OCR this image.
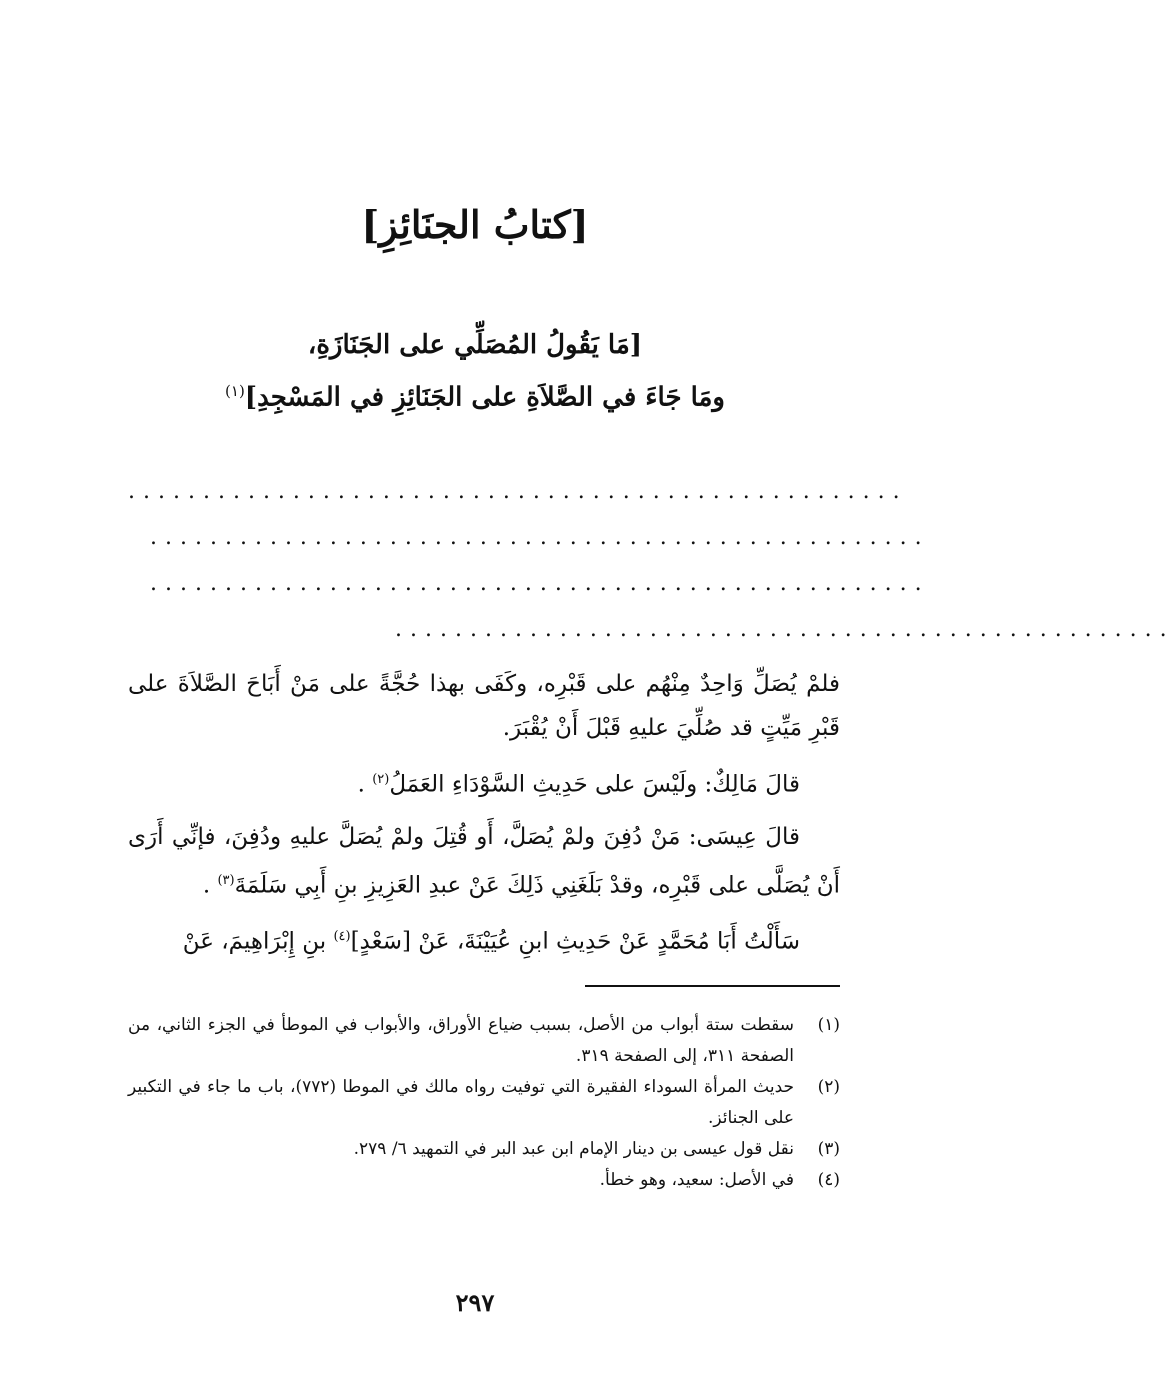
[كتابُ الجنَائِزِ]
[مَا يَقُولُ المُصَلِّي على الجَنَازَةِ،
ومَا جَاءَ في الصَّلاَةِ على الجَنَائِزِ في المَسْجِدِ]$^{(١)}$
....................................................
....................................................
....................................................
....................................................

فلمْ يُصَلِّ وَاحِدٌ مِنْهُم على قَبْرِه، وكَفَى بهذا حُجَّةً على مَنْ أَبَاحَ الصَّلاَةَ على قَبْرِ مَيِّتٍ قد صُلِّيَ عليهِ قَبْلَ أَنْ يُقْبَرَ.

قالَ مَالِكٌ: ولَيْسَ على حَدِيثِ السَّوْدَاءِ العَمَلُ$^{(٢)}$ .

قالَ عِيسَى: مَنْ دُفِنَ ولمْ يُصَلَّ، أَو قُتِلَ ولمْ يُصَلَّ عليهِ ودُفِنَ، فإنِّي أَرَى أَنْ يُصَلَّى على قَبْرِه، وقدْ بَلَغَنِي ذَلِكَ عَنْ عبدِ العَزِيزِ بنِ أَبِي سَلَمَةَ$^{(٣)}$ .

سَأَلْتُ أَبَا مُحَمَّدٍ عَنْ حَدِيثِ ابنِ عُيَيْنَةَ، عَنْ [سَعْدٍ]$^{(٤)}$ بنِ إِبْرَاهِيمَ، عَنْ

(١)
سقطت ستة أبواب من الأصل، بسبب ضياع الأوراق، والأبواب في الموطأ في الجزء الثاني، من الصفحة ٣١١، إلى الصفحة ٣١٩.
(٢)
حديث المرأة السوداء الفقيرة التي توفيت رواه مالك في الموطا (٧٧٢)، باب ما جاء في التكبير على الجنائز.
(٣)
نقل قول عيسى بن دينار الإمام ابن عبد البر في التمهيد ٦/ ٢٧٩.
(٤)
في الأصل: سعيد، وهو خطأ.
٢٩٧
